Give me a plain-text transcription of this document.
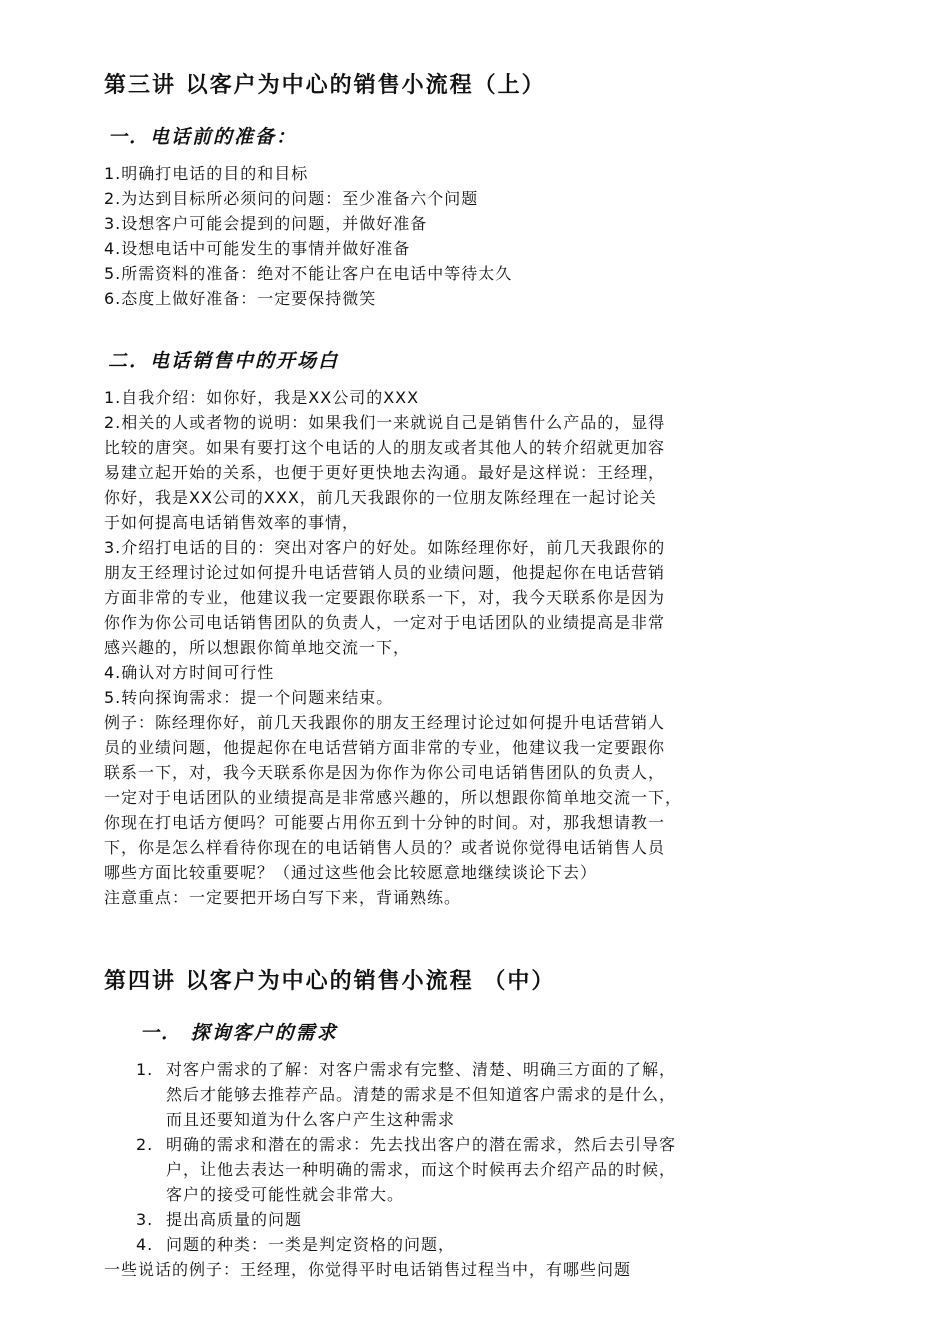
第三讲 以客户为中心的销售小流程（上）
一．电话前的准备：
1.明确打电话的目的和目标
2.为达到目标所必须问的问题：至少准备六个问题
3.设想客户可能会提到的问题，并做好准备
4.设想电话中可能发生的事情并做好准备
5.所需资料的准备：绝对不能让客户在电话中等待太久
6.态度上做好准备：一定要保持微笑
二．电话销售中的开场白
1.自我介绍：如你好，我是XX公司的XXX
2.相关的人或者物的说明：如果我们一来就说自己是销售什么产品的，显得
比较的唐突。如果有要打这个电话的人的朋友或者其他人的转介绍就更加容
易建立起开始的关系，也便于更好更快地去沟通。最好是这样说：王经理，
你好，我是XX公司的XXX，前几天我跟你的一位朋友陈经理在一起讨论关
于如何提高电话销售效率的事情，
3.介绍打电话的目的：突出对客户的好处。如陈经理你好，前几天我跟你的
朋友王经理讨论过如何提升电话营销人员的业绩问题，他提起你在电话营销
方面非常的专业，他建议我一定要跟你联系一下，对，我今天联系你是因为
你作为你公司电话销售团队的负责人，一定对于电话团队的业绩提高是非常
感兴趣的，所以想跟你简单地交流一下，
4.确认对方时间可行性
5.转向探询需求：提一个问题来结束。
例子：陈经理你好，前几天我跟你的朋友王经理讨论过如何提升电话营销人
员的业绩问题，他提起你在电话营销方面非常的专业，他建议我一定要跟你
联系一下，对，我今天联系你是因为你作为你公司电话销售团队的负责人，
一定对于电话团队的业绩提高是非常感兴趣的，所以想跟你简单地交流一下，
你现在打电话方便吗？可能要占用你五到十分钟的时间。对，那我想请教一
下，你是怎么样看待你现在的电话销售人员的？或者说你觉得电话销售人员
哪些方面比较重要呢？（通过这些他会比较愿意地继续谈论下去）
注意重点：一定要把开场白写下来，背诵熟练。
第四讲 以客户为中心的销售小流程 （中）
一． 探询客户的需求
1. 对客户需求的了解：对客户需求有完整、清楚、明确三方面的了解，
然后才能够去推荐产品。清楚的需求是不但知道客户需求的是什么，
而且还要知道为什么客户产生这种需求
2. 明确的需求和潜在的需求：先去找出客户的潜在需求，然后去引导客
户，让他去表达一种明确的需求，而这个时候再去介绍产品的时候，
客户的接受可能性就会非常大。
3. 提出高质量的问题
4. 问题的种类：一类是判定资格的问题，
一些说话的例子：王经理，你觉得平时电话销售过程当中，有哪些问题
